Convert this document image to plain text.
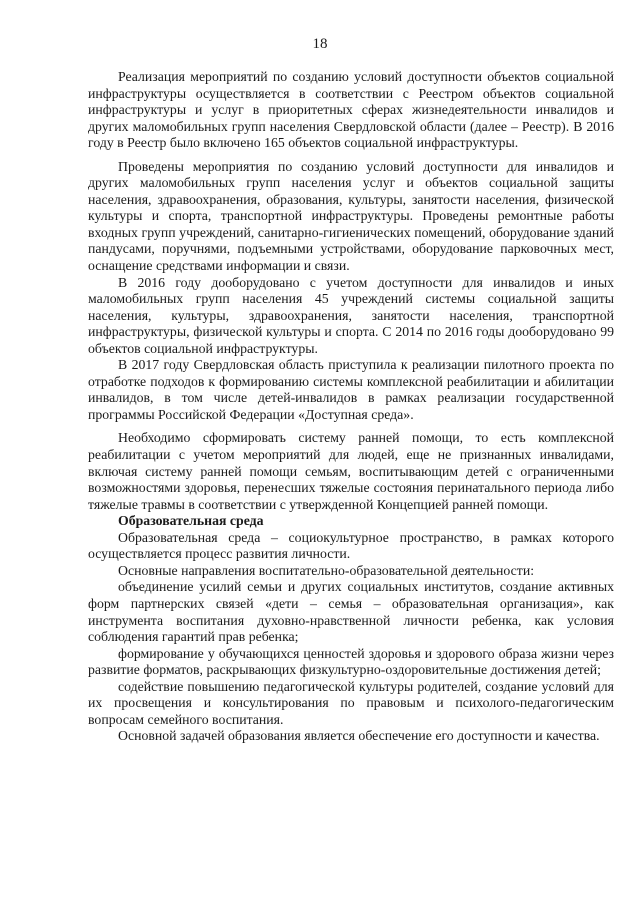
18

Реализация мероприятий по созданию условий доступности объектов социальной инфраструктуры осуществляется в соответствии с Реестром объектов социальной инфраструктуры и услуг в приоритетных сферах жизнедеятельности инвалидов и других маломобильных групп населения Свердловской области (далее – Реестр). В 2016 году в Реестр было включено 165 объектов социальной инфраструктуры.

Проведены мероприятия по созданию условий доступности для инвалидов и других маломобильных групп населения услуг и объектов социальной защиты населения, здравоохранения, образования, культуры, занятости населения, физической культуры и спорта, транспортной инфраструктуры. Проведены ремонтные работы входных групп учреждений, санитарно-гигиенических помещений, оборудование зданий пандусами, поручнями, подъемными устройствами, оборудование парковочных мест, оснащение средствами информации и связи.

В 2016 году дооборудовано с учетом доступности для инвалидов и иных маломобильных групп населения 45 учреждений системы социальной защиты населения, культуры, здравоохранения, занятости населения, транспортной инфраструктуры, физической культуры и спорта. С 2014 по 2016 годы дооборудовано 99 объектов социальной инфраструктуры.

В 2017 году Свердловская область приступила к реализации пилотного проекта по отработке подходов к формированию системы комплексной реабилитации и абилитации инвалидов, в том числе детей-инвалидов в рамках реализации государственной программы Российской Федерации «Доступная среда».

Необходимо сформировать систему ранней помощи, то есть комплексной реабилитации с учетом мероприятий для людей, еще не признанных инвалидами, включая систему ранней помощи семьям, воспитывающим детей с ограниченными возможностями здоровья, перенесших тяжелые состояния перинатального периода либо тяжелые травмы в соответствии с утвержденной Концепцией ранней помощи.

Образовательная среда

Образовательная среда – социокультурное пространство, в рамках которого осуществляется процесс развития личности.

Основные направления воспитательно-образовательной деятельности:

объединение усилий семьи и других социальных институтов, создание активных форм партнерских связей «дети – семья – образовательная организация», как инструмента воспитания духовно-нравственной личности ребенка, как условия соблюдения гарантий прав ребенка;

формирование у обучающихся ценностей здоровья и здорового образа жизни через развитие форматов, раскрывающих физкультурно-оздоровительные достижения детей;

содействие повышению педагогической культуры родителей, создание условий для их просвещения и консультирования по правовым и психолого-педагогическим вопросам семейного воспитания.

Основной задачей образования является обеспечение его доступности и качества.
